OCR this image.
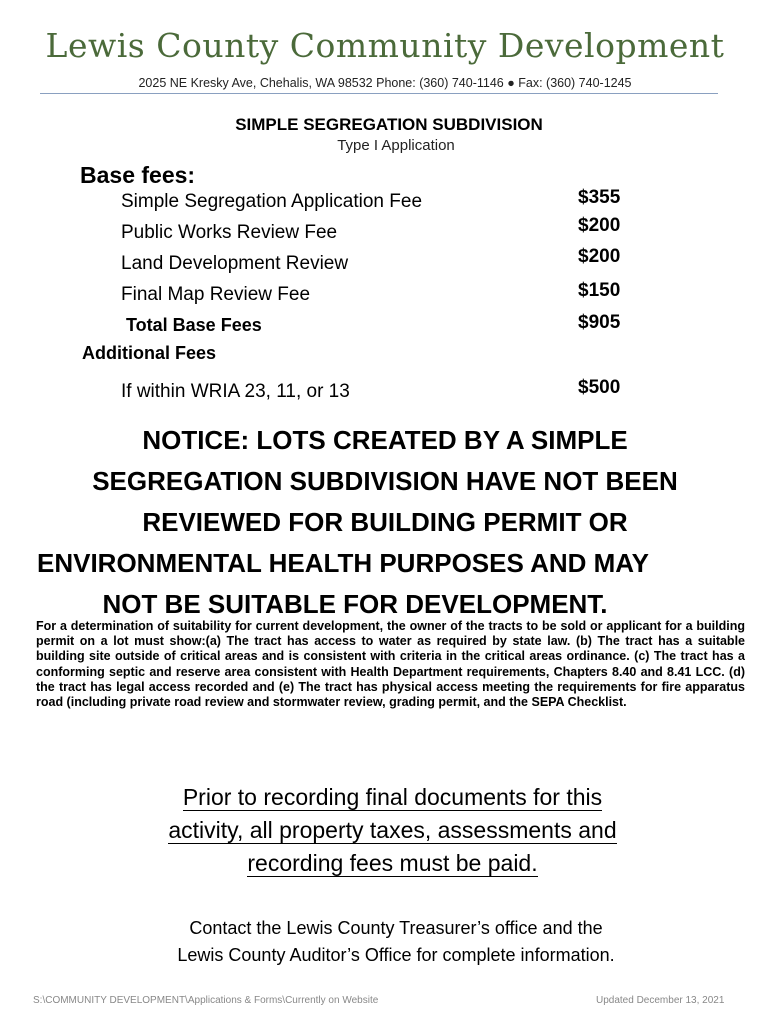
Lewis County Community Development
2025 NE Kresky Ave, Chehalis, WA 98532 Phone: (360) 740-1146 ● Fax: (360) 740-1245
SIMPLE SEGREGATION SUBDIVISION
Type I Application
Base fees:
Simple Segregation Application Fee	$355
Public Works Review Fee	$200
Land Development Review	$200
Final Map Review Fee	$150
Total Base Fees	$905
Additional Fees
If within WRIA 23, 11, or 13	$500
NOTICE: LOTS CREATED BY A SIMPLE
SEGREGATION SUBDIVISION HAVE NOT BEEN
REVIEWED FOR BUILDING PERMIT OR
ENVIRONMENTAL HEALTH PURPOSES AND MAY
NOT BE SUITABLE FOR DEVELOPMENT.
For a determination of suitability for current development, the owner of the tracts to be sold or applicant for a building permit on a lot must show:(a) The tract has access to water as required by state law. (b) The tract has a suitable building site outside of critical areas and is consistent with criteria in the critical areas ordinance. (c) The tract has a conforming septic and reserve area consistent with Health Department requirements, Chapters 8.40 and 8.41 LCC. (d) the tract has legal access recorded and (e) The tract has physical access meeting the requirements for fire apparatus road (including private road review and stormwater review, grading permit, and the SEPA Checklist.
Prior to recording final documents for this
activity, all property taxes, assessments and
recording fees must be paid.
Contact the Lewis County Treasurer’s office and the
Lewis County Auditor’s Office for complete information.
S:\COMMUNITY DEVELOPMENT\Applications & Forms\Currently on Website	Updated December 13, 2021
